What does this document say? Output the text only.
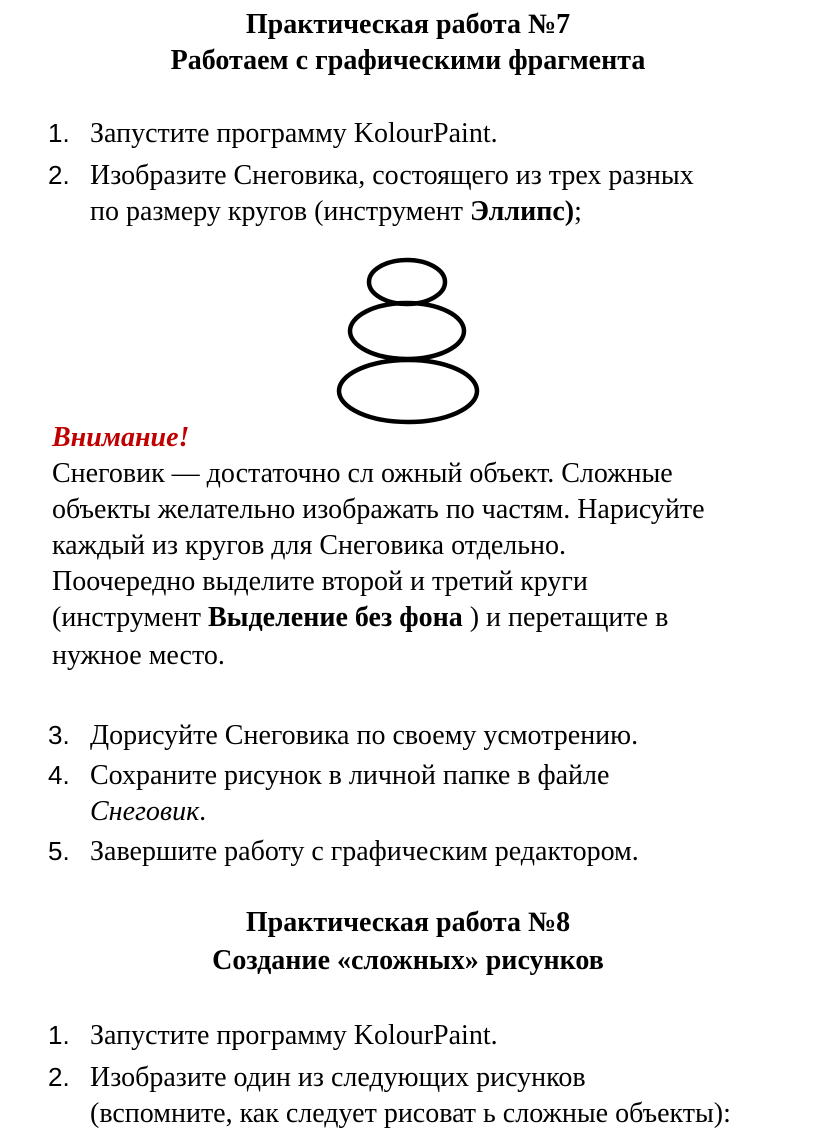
Практическая работа №7
Работаем с графическими фрагмента
1. Запустите программу KolourPaint.
2. Изобразите Снеговика, состоящего из трех разных
по размеру кругов (инструмент Эллипс);
Внимание!
Снеговик — достаточно сл ожный объект. Сложные
объекты желательно изображать по частям. Нарисуйте
каждый из кругов для Снеговика отдельно.
Поочередно выделите второй и третий круги
(инструмент Выделение без фона ) и перетащите в
нужное место.
3. Дорисуйте Снеговика по своему усмотрению.
4. Сохраните рисунок в личной папке в файле
Снеговик.
5. Завершите работу с графическим редактором.
Практическая работа №8
Создание «сложных» рисунков
1. Запустите программу KolourPaint.
2. Изобразите один из следующих рисунков
(вспомните, как следует рисоват ь сложные объекты):
